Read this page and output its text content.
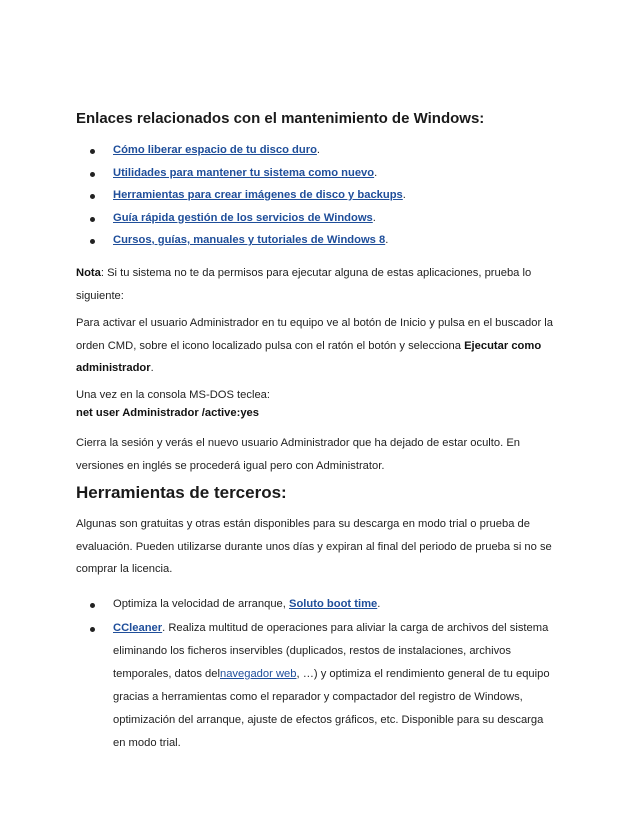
Enlaces relacionados con el mantenimiento de Windows:
Cómo liberar espacio de tu disco duro.
Utilidades para mantener tu sistema como nuevo.
Herramientas para crear imágenes de disco y backups.
Guía rápida gestión de los servicios de Windows.
Cursos, guías, manuales y tutoriales de Windows 8.

Nota: Si tu sistema no te da permisos para ejecutar alguna de estas aplicaciones, prueba lo siguiente:

Para activar el usuario Administrador en tu equipo ve al botón de Inicio y pulsa en el buscador la orden CMD, sobre el icono localizado pulsa con el ratón el botón y selecciona Ejecutar como administrador.

Una vez en la consola MS-DOS teclea:
net user Administrador /active:yes

Cierra la sesión y verás el nuevo usuario Administrador que ha dejado de estar oculto. En versiones en inglés se procederá igual pero con Administrator.

Herramientas de terceros:

Algunas son gratuitas y otras están disponibles para su descarga en modo trial o prueba de evaluación. Pueden utilizarse durante unos días y expiran al final del periodo de prueba si no se comprar la licencia.

Optimiza la velocidad de arranque, Soluto boot time.
CCleaner. Realiza multitud de operaciones para aliviar la carga de archivos del sistema eliminando los ficheros inservibles (duplicados, restos de instalaciones, archivos temporales, datos delnavegador web, …) y optimiza el rendimiento general de tu equipo gracias a herramientas como el reparador y compactador del registro de Windows, optimización del arranque, ajuste de efectos gráficos, etc. Disponible para su descarga en modo trial.
